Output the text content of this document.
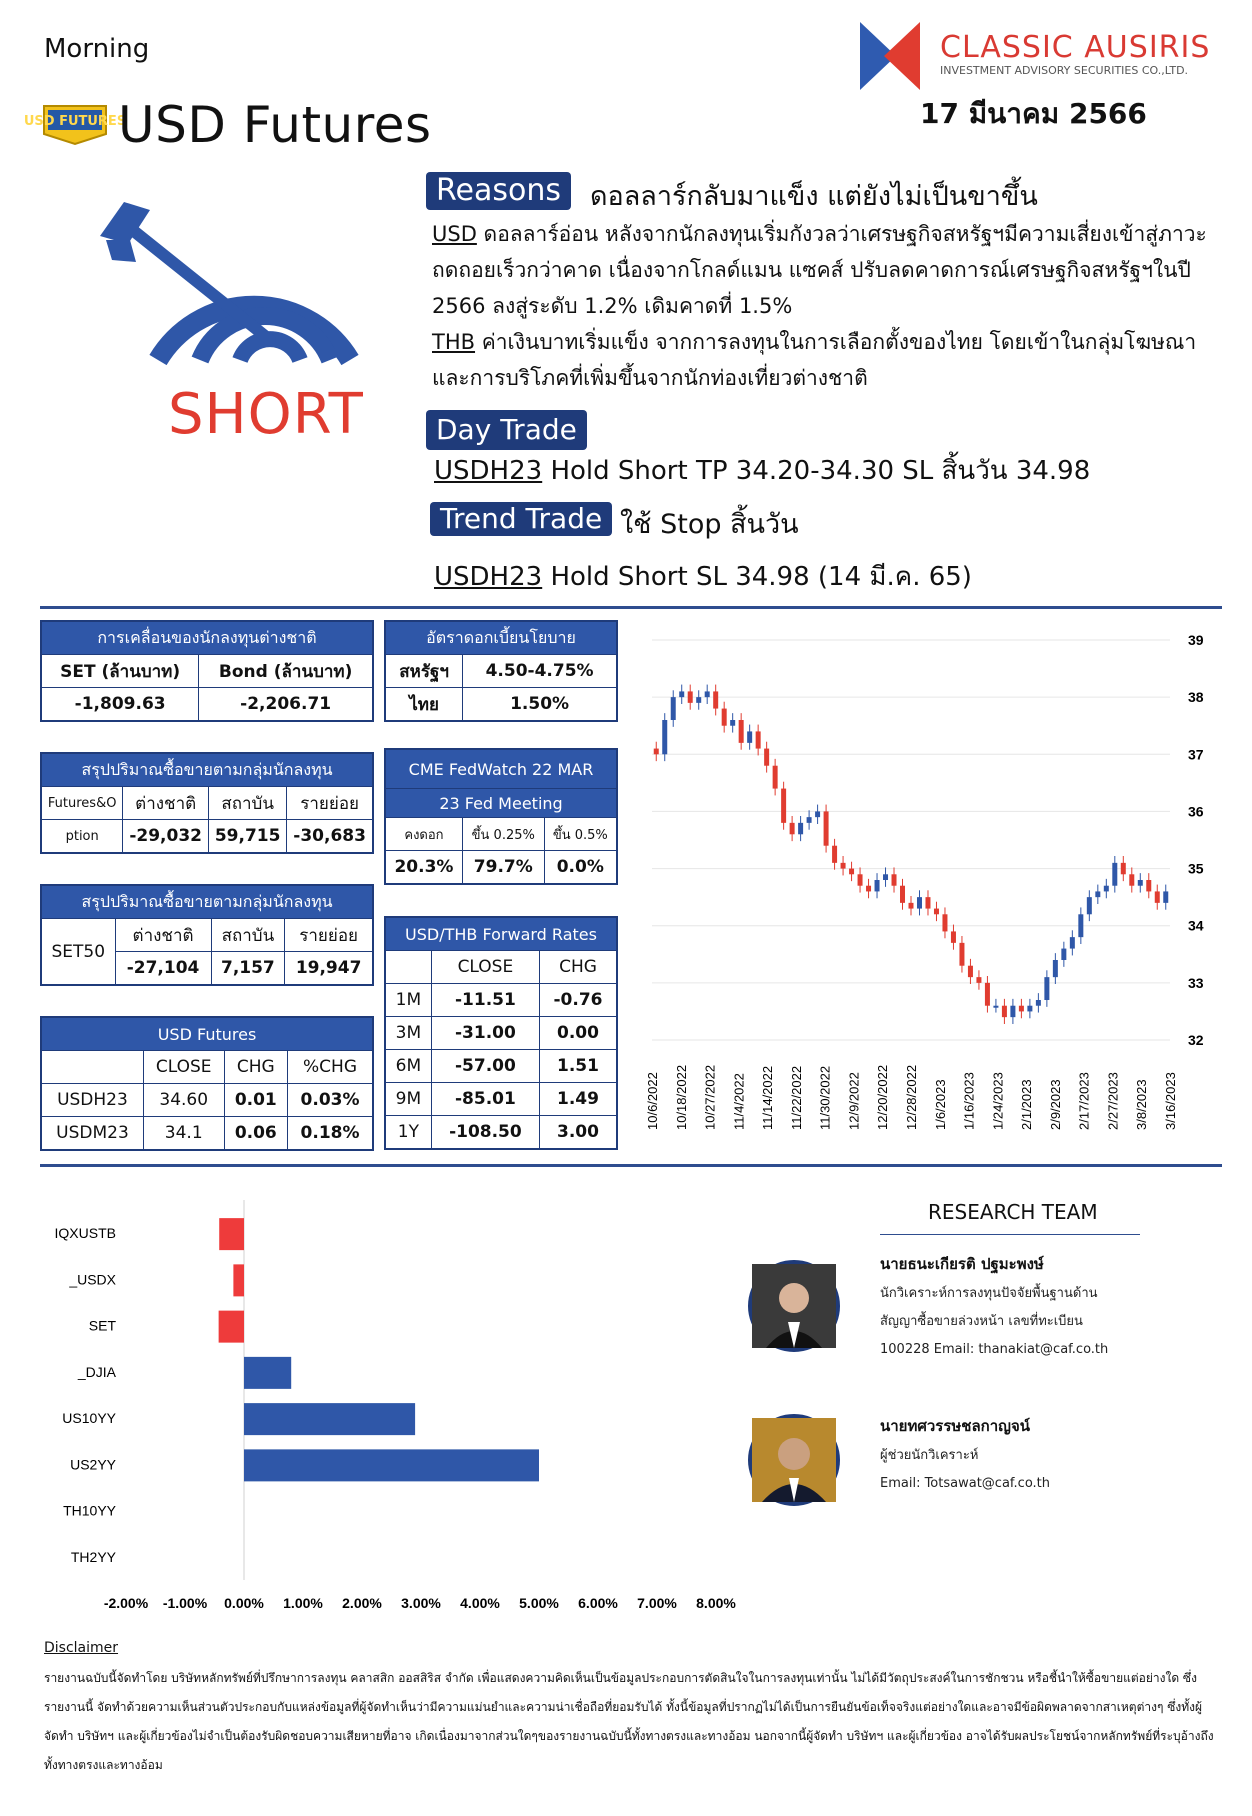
Morning
USD FUTURES
USD Futures
CLASSIC AUSIRIS
INVESTMENT ADVISORY SECURITIES CO.,LTD.
17 มีนาคม 2566
SHORT
Reasons	ดอลลาร์กลับมาแข็ง แต่ยังไม่เป็นขาขึ้น
USD ดอลลาร์อ่อน หลังจากนักลงทุนเริ่มกังวลว่าเศรษฐกิจสหรัฐฯมีความเสี่ยงเข้าสู่ภาวะถดถอยเร็วกว่าคาด เนื่องจากโกลด์แมน แซคส์ ปรับลดคาดการณ์เศรษฐกิจสหรัฐฯในปี 2566 ลงสู่ระดับ 1.2% เดิมคาดที่ 1.5%
THB ค่าเงินบาทเริ่มแข็ง จากการลงทุนในการเลือกตั้งของไทย โดยเข้าในกลุ่มโฆษณา และการบริโภคที่เพิ่มขึ้นจากนักท่องเที่ยวต่างชาติ
Day Trade
USDH23 Hold Short TP 34.20-34.30 SL สิ้นวัน 34.98
Trend Trade ใช้ Stop สิ้นวัน
USDH23 Hold Short SL 34.98 (14 มี.ค. 65)
การเคลื่อนของนักลงทุนต่างชาติ	
SET (ล้านบาท)	Bond (ล้านบาท)
-1,809.63	-2,206.71
อัตราดอกเบี้ยนโยบาย	
สหรัฐฯ	4.50-4.75%
ไทย	1.50%
สรุปปริมาณซื้อขายตามกลุ่มนักลงทุน			
Futures&O	ต่างชาติ	สถาบัน	รายย่อย
ption	-29,032	59,715	-30,683
CME FedWatch 22 MAR		
23 Fed Meeting		
คงดอก	ขึ้น 0.25%	ขึ้น 0.5%
20.3%	79.7%	0.0%
สรุปปริมาณซื้อขายตามกลุ่มนักลงทุน			
SET50	ต่างชาติ	สถาบัน	รายย่อย
	-27,104	7,157	19,947
USD/THB Forward Rates		
	CLOSE	CHG
1M	-11.51	-0.76
3M	-31.00	0.00
6M	-57.00	1.51
9M	-85.01	1.49
1Y	-108.50	3.00
USD Futures			
	CLOSE	CHG	%CHG
USDH23	34.60	0.01	0.03%
USDM23	34.1	0.06	0.18%
39
38
37
36
35
34
33
32
10/6/2022 10/18/2022 10/27/2022 11/4/2022 11/14/2022 11/22/2022 11/30/2022 12/9/2022 12/20/2022 12/28/2022 1/6/2023 1/16/2023 1/24/2023 2/1/2023 2/9/2023 2/17/2023 2/27/2023 3/8/2023 3/16/2023
IQXUSTB
_USDX
SET
_DJIA
US10YY
US2YY
TH10YY
TH2YY
-2.00% -1.00% 0.00% 1.00% 2.00% 3.00% 4.00% 5.00% 6.00% 7.00% 8.00%
RESEARCH TEAM
นายธนะเกียรติ ปฐมะพงษ์
นักวิเคราะห์การลงทุนปัจจัยพื้นฐานด้าน
สัญญาซื้อขายล่วงหน้า เลขที่ทะเบียน
100228 Email: thanakiat@caf.co.th
นายทศวรรษชลกาญจน์
ผู้ช่วยนักวิเคราะห์
Email: Totsawat@caf.co.th
Disclaimer
รายงานฉบับนี้จัดทำโดย บริษัทหลักทรัพย์ที่ปรึกษาการลงทุน คลาสสิก ออสสิริส จำกัด เพื่อแสดงความคิดเห็นเป็นข้อมูลประกอบการตัดสินใจในการลงทุนเท่านั้น ไม่ได้มีวัตถุประสงค์ในการชักชวน หรือชี้นำให้ซื้อขายแต่อย่างใด ซึ่งรายงานนี้ จัดทำด้วยความเห็นส่วนตัวประกอบกับแหล่งข้อมูลที่ผู้จัดทำเห็นว่ามีความแม่นยำและความน่าเชื่อถือที่ยอมรับได้ ทั้งนี้ข้อมูลที่ปรากฏไม่ได้เป็นการยืนยันข้อเท็จจริงแต่อย่างใดและอาจมีข้อผิดพลาดจากสาเหตุต่างๆ ซึ่งทั้งผู้จัดทำ บริษัทฯ และผู้เกี่ยวข้องไม่จำเป็นต้องรับผิดชอบความเสียหายที่อาจ เกิดเนื่องมาจากส่วนใดๆของรายงานฉบับนี้ทั้งทางตรงและทางอ้อม นอกจากนี้ผู้จัดทำ บริษัทฯ และผู้เกี่ยวข้อง อาจได้รับผลประโยชน์จากหลักทรัพย์ที่ระบุอ้างถึงทั้งทางตรงและทางอ้อม
